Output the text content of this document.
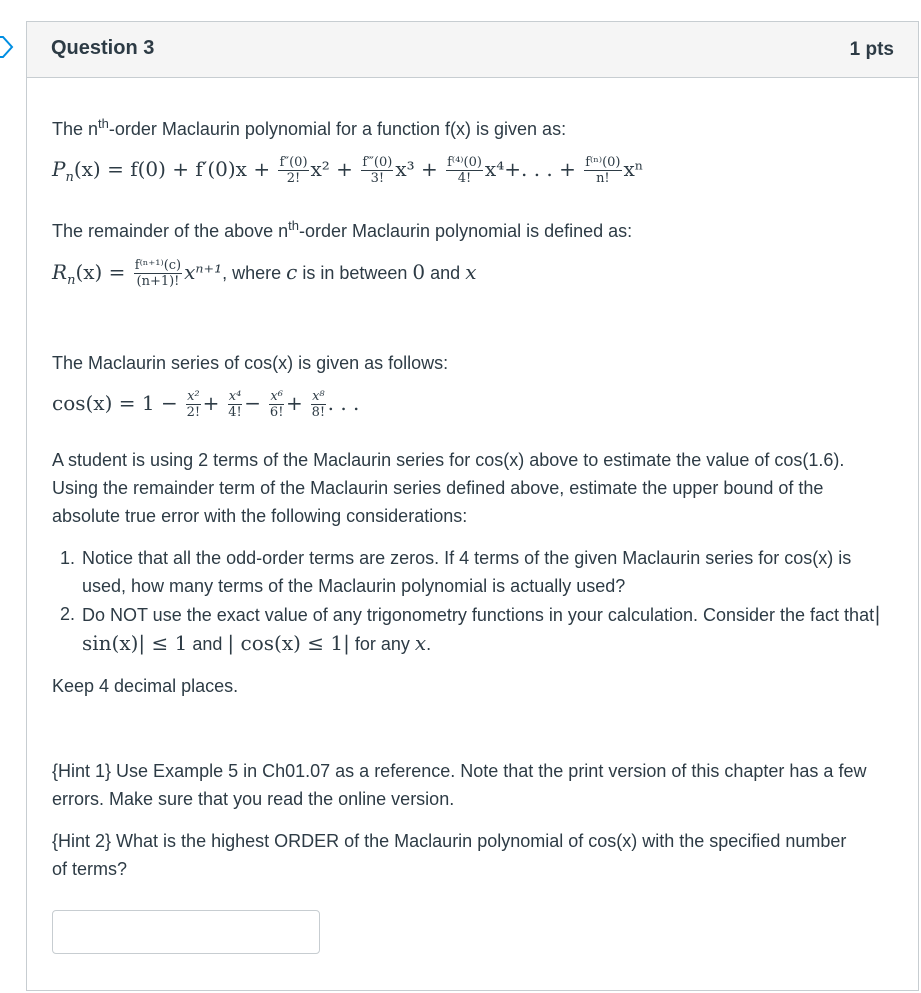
Question 3	1 pts
The $n^{th}$-order Maclaurin polynomial for a function f(x) is given as:
$P_n(x) = f(0) + f'(0)x + \frac{f''(0)}{2!} x^2 + \frac{f‴(0)}{3!} x^3 + \frac{\text{f⁽⁴⁾(0)}}{4!} x^4+$. . . + $\frac{\text{f⁽ⁿ⁾(0)}}{n!}$ xⁿ
The remainder of the above $n^{th}$-order Maclaurin polynomial is defined as:
$R_n(x) = \frac{\text{f⁽ⁿ⁺¹⁾(c)}}{(n+1)!} x^{n+1}$, where c is in between 0 and x
The Maclaurin series of cos(x) is given as follows:
$\cos(x) = 1 - \frac{\text{x²}}{2!} + \frac{\text{x⁴}}{4!} - \frac{\text{x⁶}}{6!} + \frac{\text{x⁸}}{8!}$ . . .
A student is using 2 terms of the Maclaurin series for cos(x) above to estimate the value of cos(1.6). Using the remainder term of the Maclaurin series defined above, estimate the upper bound of the absolute true error with the following considerations:
1. Notice that all the odd-order terms are zeros. If 4 terms of the given Maclaurin series for cos(x) is used, how many terms of the Maclaurin polynomial is actually used?
2. Do NOT use the exact value of any trigonometry functions in your calculation. Consider the fact that| sin(x)| ≤ 1 and | cos(x) ≤ 1| for any x.
Keep 4 decimal places.
{Hint 1} Use Example 5 in Ch01.07 as a reference. Note that the print version of this chapter has a few errors. Make sure that you read the online version.
{Hint 2} What is the highest ORDER of the Maclaurin polynomial of cos(x) with the specified number of terms?
